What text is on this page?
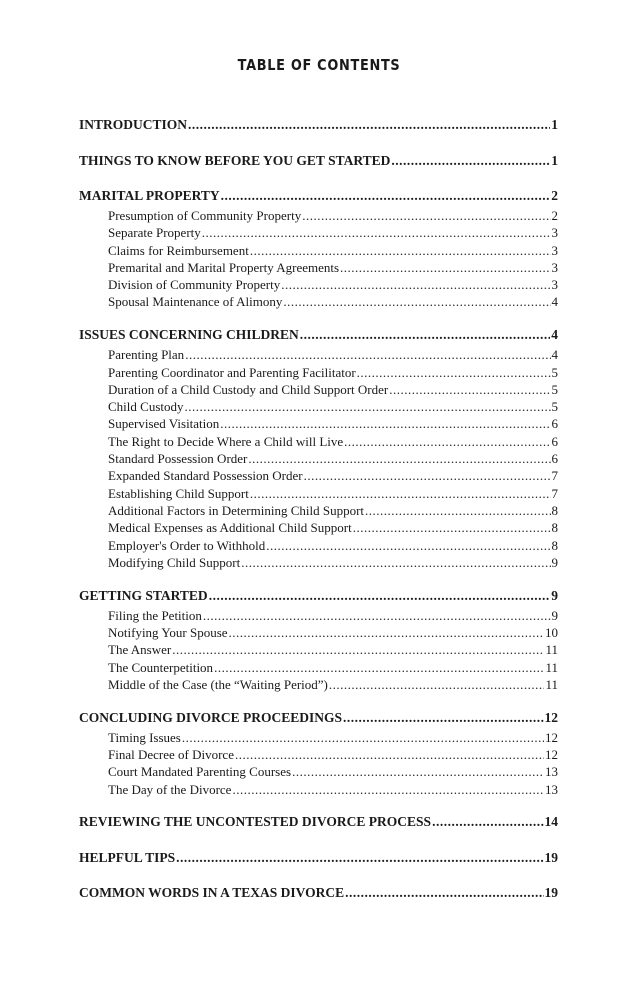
TABLE OF CONTENTS
INTRODUCTION .....	1
THINGS TO KNOW BEFORE YOU GET STARTED .....	1
MARITAL PROPERTY .....	2
Presumption of Community Property .....	2
Separate Property .....	3
Claims for Reimbursement .....	3
Premarital and Marital Property Agreements .....	3
Division of Community Property .....	3
Spousal Maintenance of Alimony .....	4
ISSUES CONCERNING CHILDREN .....	4
Parenting Plan .....	4
Parenting Coordinator and Parenting Facilitator .....	5
Duration of a Child Custody and Child Support Order .....	5
Child Custody .....	5
Supervised Visitation .....	6
The Right to Decide Where a Child will Live .....	6
Standard Possession Order .....	6
Expanded Standard Possession Order .....	7
Establishing Child Support .....	7
Additional Factors in Determining Child Support .....	8
Medical Expenses as Additional Child Support .....	8
Employer's Order to Withhold .....	8
Modifying Child Support .....	9
GETTING STARTED .....	9
Filing the Petition .....	9
Notifying Your Spouse .....	10
The Answer .....	11
The Counterpetition .....	11
Middle of the Case (the “Waiting Period”) .....	11
CONCLUDING DIVORCE PROCEEDINGS .....	12
Timing Issues .....	12
Final Decree of Divorce .....	12
Court Mandated Parenting Courses .....	13
The Day of the Divorce .....	13
REVIEWING THE UNCONTESTED DIVORCE PROCESS .....	14
HELPFUL TIPS .....	19
COMMON WORDS IN A TEXAS DIVORCE .....	19
